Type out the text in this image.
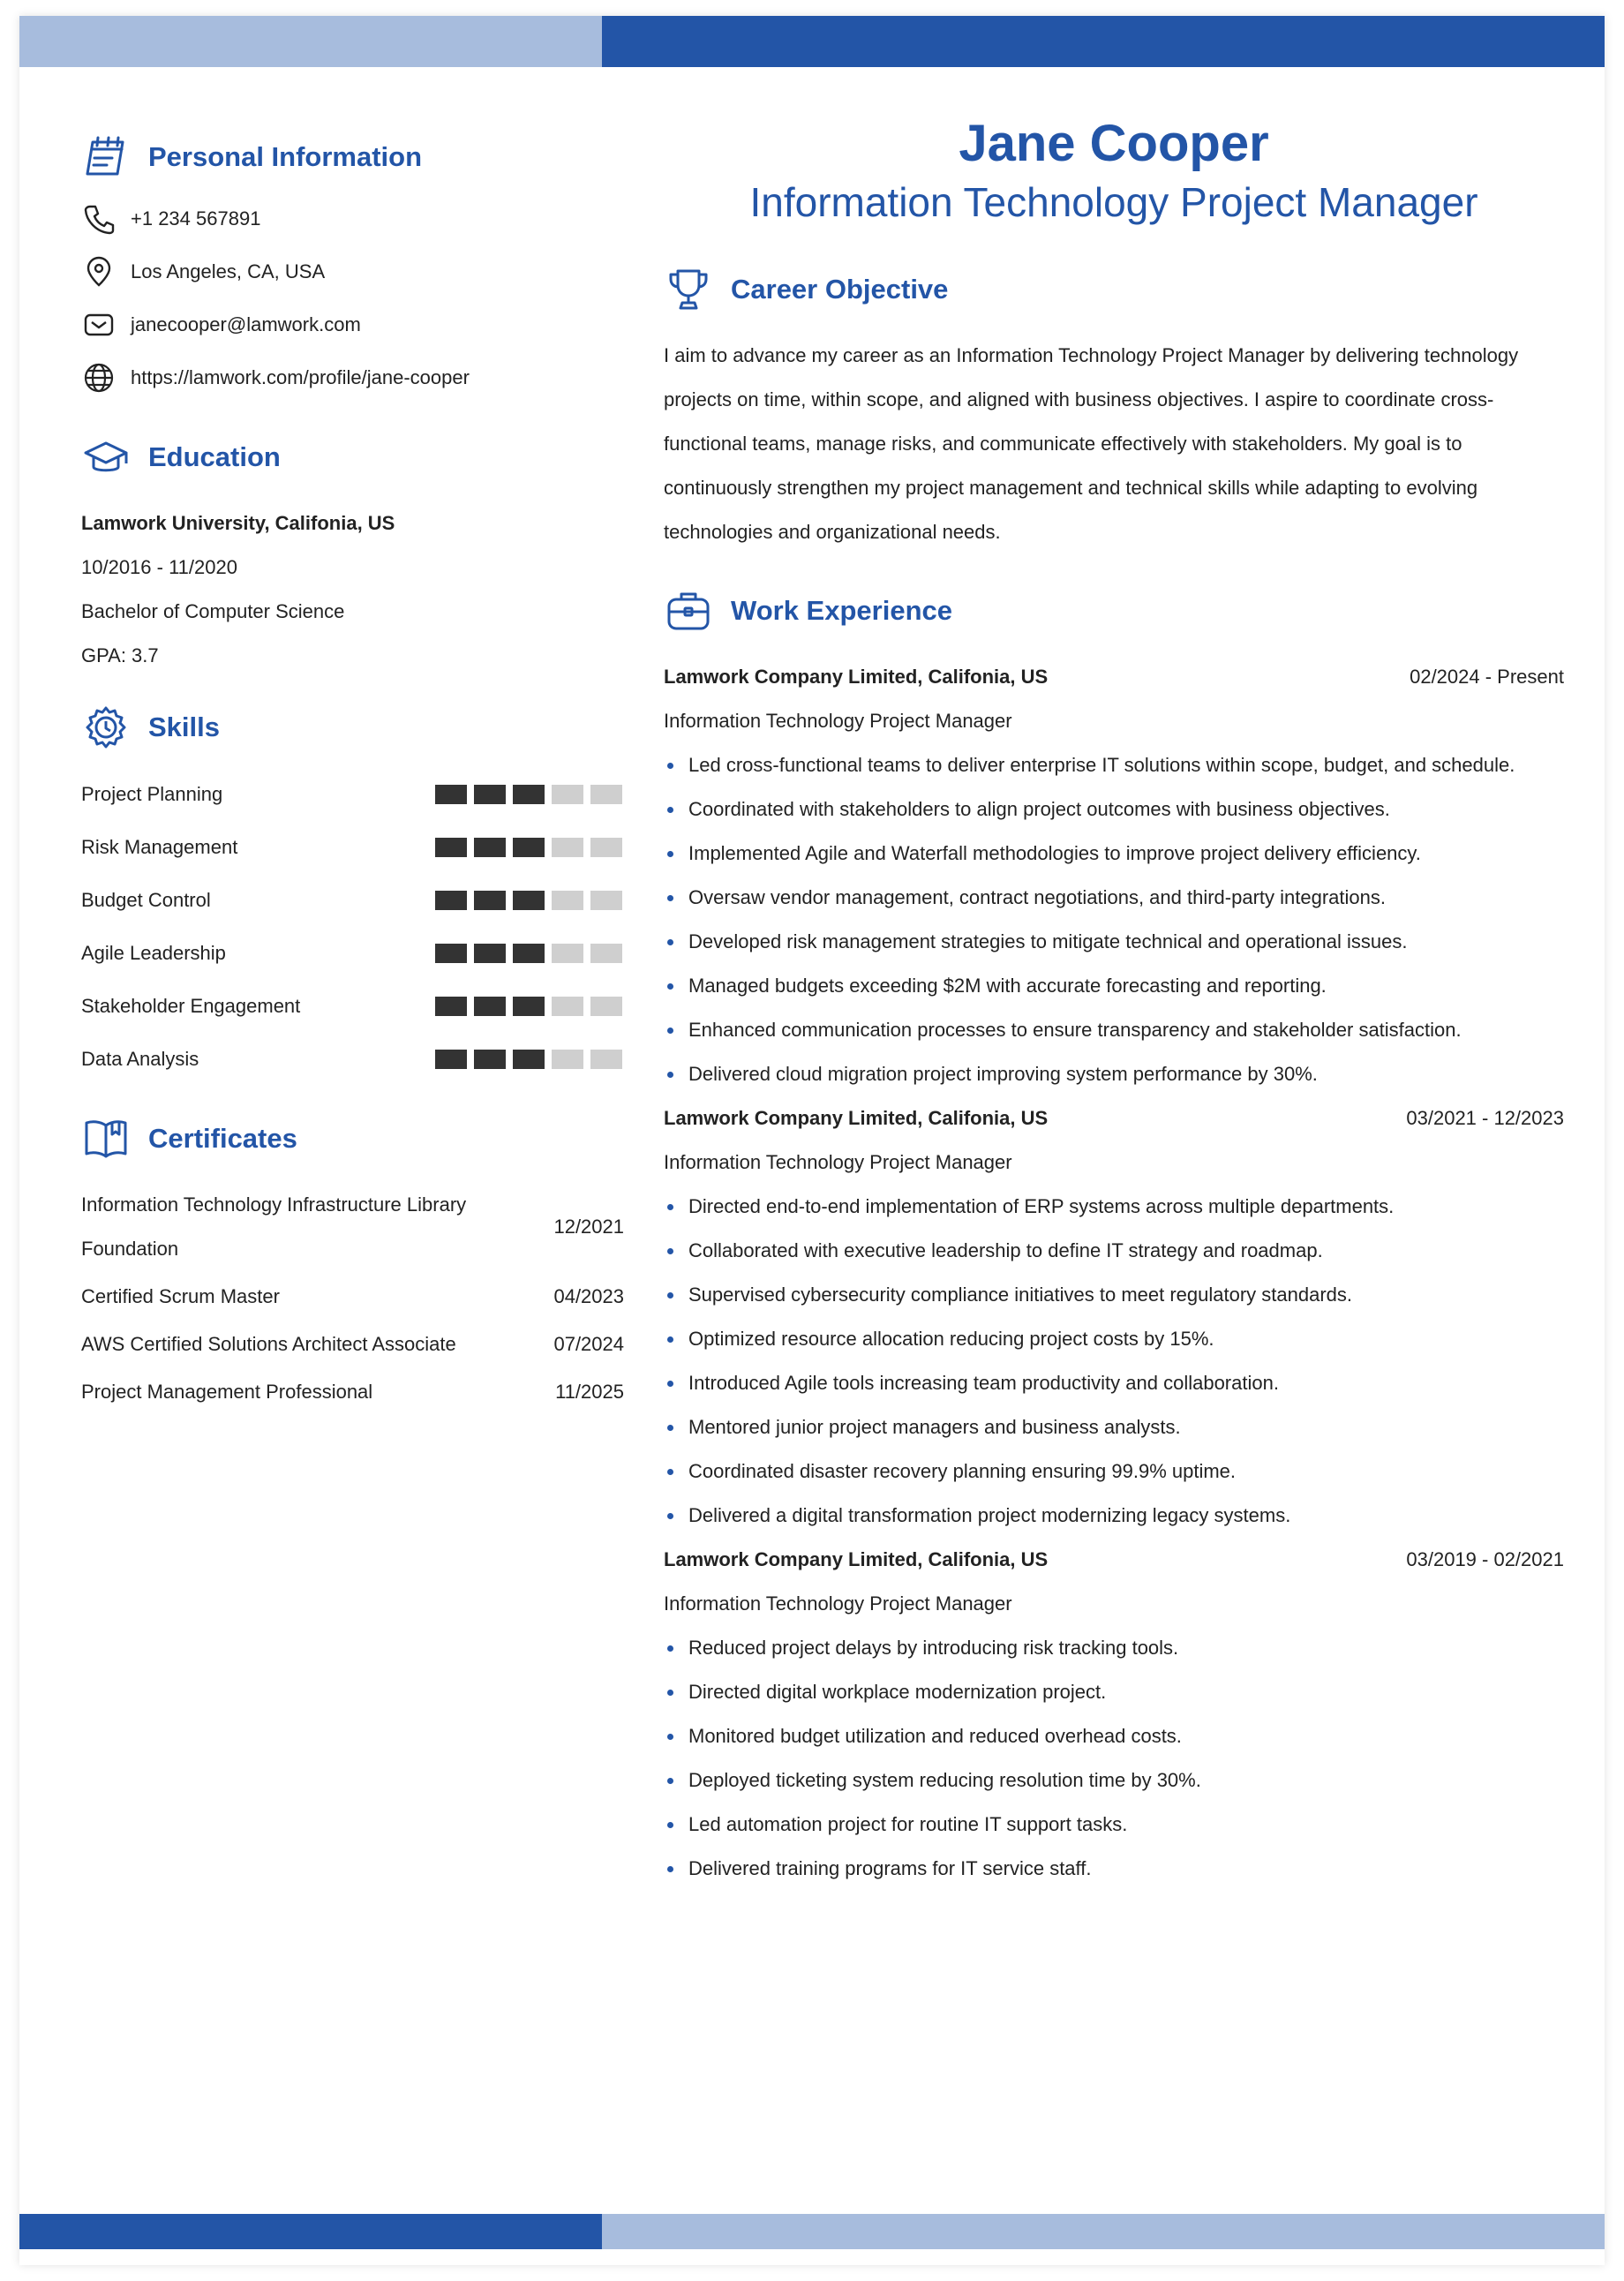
Personal Information
+1 234 567891
Los Angeles, CA, USA
janecooper@lamwork.com
https://lamwork.com/profile/jane-cooper
Education
Lamwork University, Califonia, US
10/2016 - 11/2020
Bachelor of Computer Science
GPA: 3.7
Skills
Project Planning
Risk Management
Budget Control
Agile Leadership
Stakeholder Engagement
Data Analysis
Certificates
Information Technology Infrastructure Library Foundation
12/2021
Certified Scrum Master	04/2023
AWS Certified Solutions Architect Associate	07/2024
Project Management Professional	11/2025
Jane Cooper
Information Technology Project Manager
Career Objective
I aim to advance my career as an Information Technology Project Manager by delivering technology projects on time, within scope, and aligned with business objectives. I aspire to coordinate cross-functional teams, manage risks, and communicate effectively with stakeholders. My goal is to continuously strengthen my project management and technical skills while adapting to evolving technologies and organizational needs.
Work Experience
Lamwork Company Limited, Califonia, US	02/2024 - Present
Information Technology Project Manager
Led cross-functional teams to deliver enterprise IT solutions within scope, budget, and schedule.
Coordinated with stakeholders to align project outcomes with business objectives.
Implemented Agile and Waterfall methodologies to improve project delivery efficiency.
Oversaw vendor management, contract negotiations, and third-party integrations.
Developed risk management strategies to mitigate technical and operational issues.
Managed budgets exceeding $2M with accurate forecasting and reporting.
Enhanced communication processes to ensure transparency and stakeholder satisfaction.
Delivered cloud migration project improving system performance by 30%.
Lamwork Company Limited, Califonia, US	03/2021 - 12/2023
Information Technology Project Manager
Directed end-to-end implementation of ERP systems across multiple departments.
Collaborated with executive leadership to define IT strategy and roadmap.
Supervised cybersecurity compliance initiatives to meet regulatory standards.
Optimized resource allocation reducing project costs by 15%.
Introduced Agile tools increasing team productivity and collaboration.
Mentored junior project managers and business analysts.
Coordinated disaster recovery planning ensuring 99.9% uptime.
Delivered a digital transformation project modernizing legacy systems.
Lamwork Company Limited, Califonia, US	03/2019 - 02/2021
Information Technology Project Manager
Reduced project delays by introducing risk tracking tools.
Directed digital workplace modernization project.
Monitored budget utilization and reduced overhead costs.
Deployed ticketing system reducing resolution time by 30%.
Led automation project for routine IT support tasks.
Delivered training programs for IT service staff.
